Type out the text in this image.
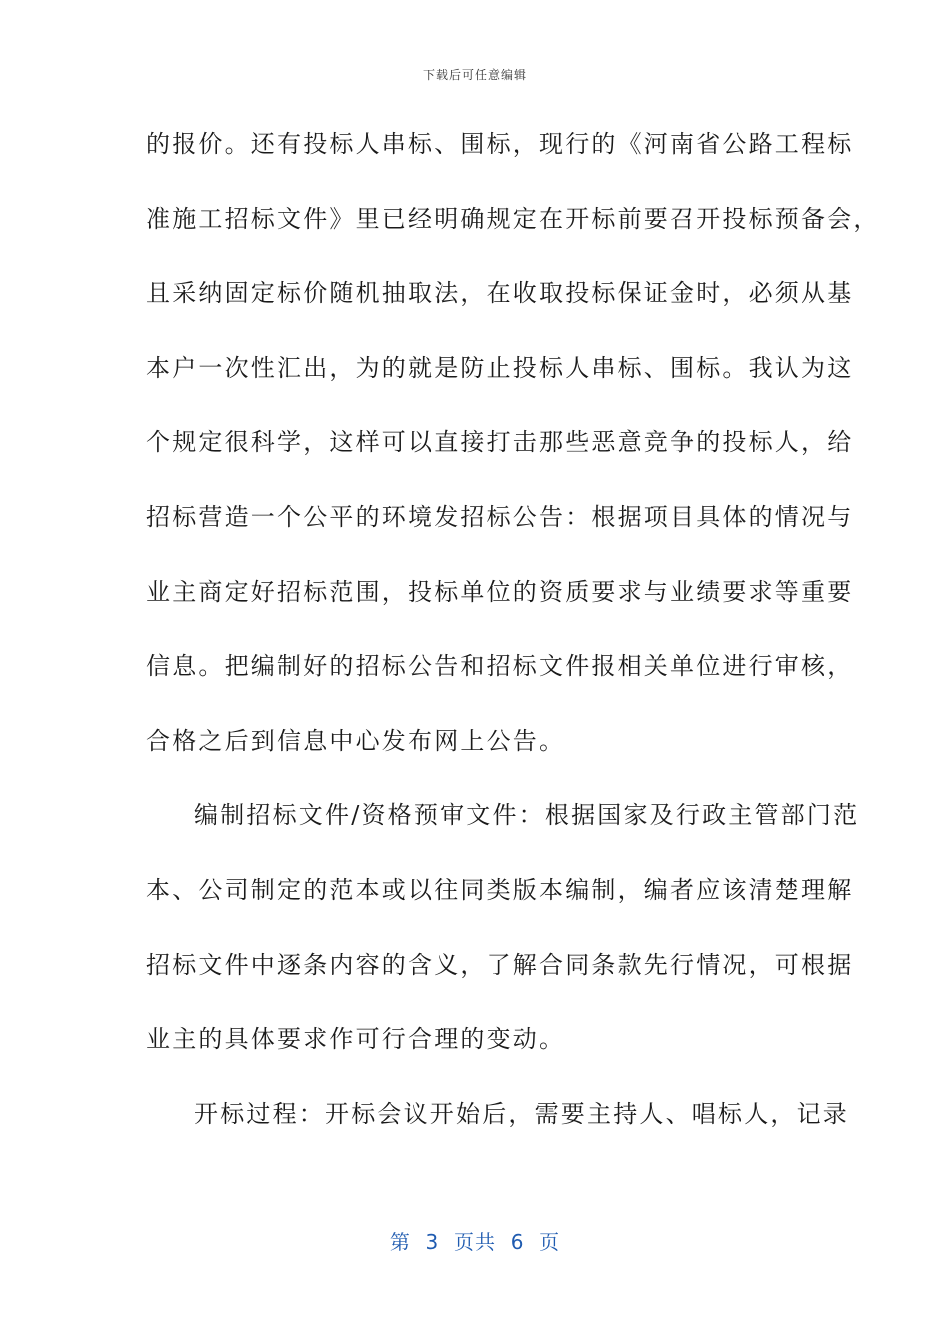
下载后可任意编辑
的报价。还有投标人串标、围标，现行的《河南省公路工程标
准施工招标文件》里已经明确规定在开标前要召开投标预备会，
且采纳固定标价随机抽取法，在收取投标保证金时，必须从基
本户一次性汇出，为的就是防止投标人串标、围标。我认为这
个规定很科学，这样可以直接打击那些恶意竞争的投标人，给
招标营造一个公平的环境发招标公告：根据项目具体的情况与
业主商定好招标范围，投标单位的资质要求与业绩要求等重要
信息。把编制好的招标公告和招标文件报相关单位进行审核，
合格之后到信息中心发布网上公告。
编制招标文件/资格预审文件：根据国家及行政主管部门范
本、公司制定的范本或以往同类版本编制，编者应该清楚理解
招标文件中逐条内容的含义，了解合同条款先行情况，可根据
业主的具体要求作可行合理的变动。
开标过程：开标会议开始后，需要主持人、唱标人，记录
第  3  页共  6  页
